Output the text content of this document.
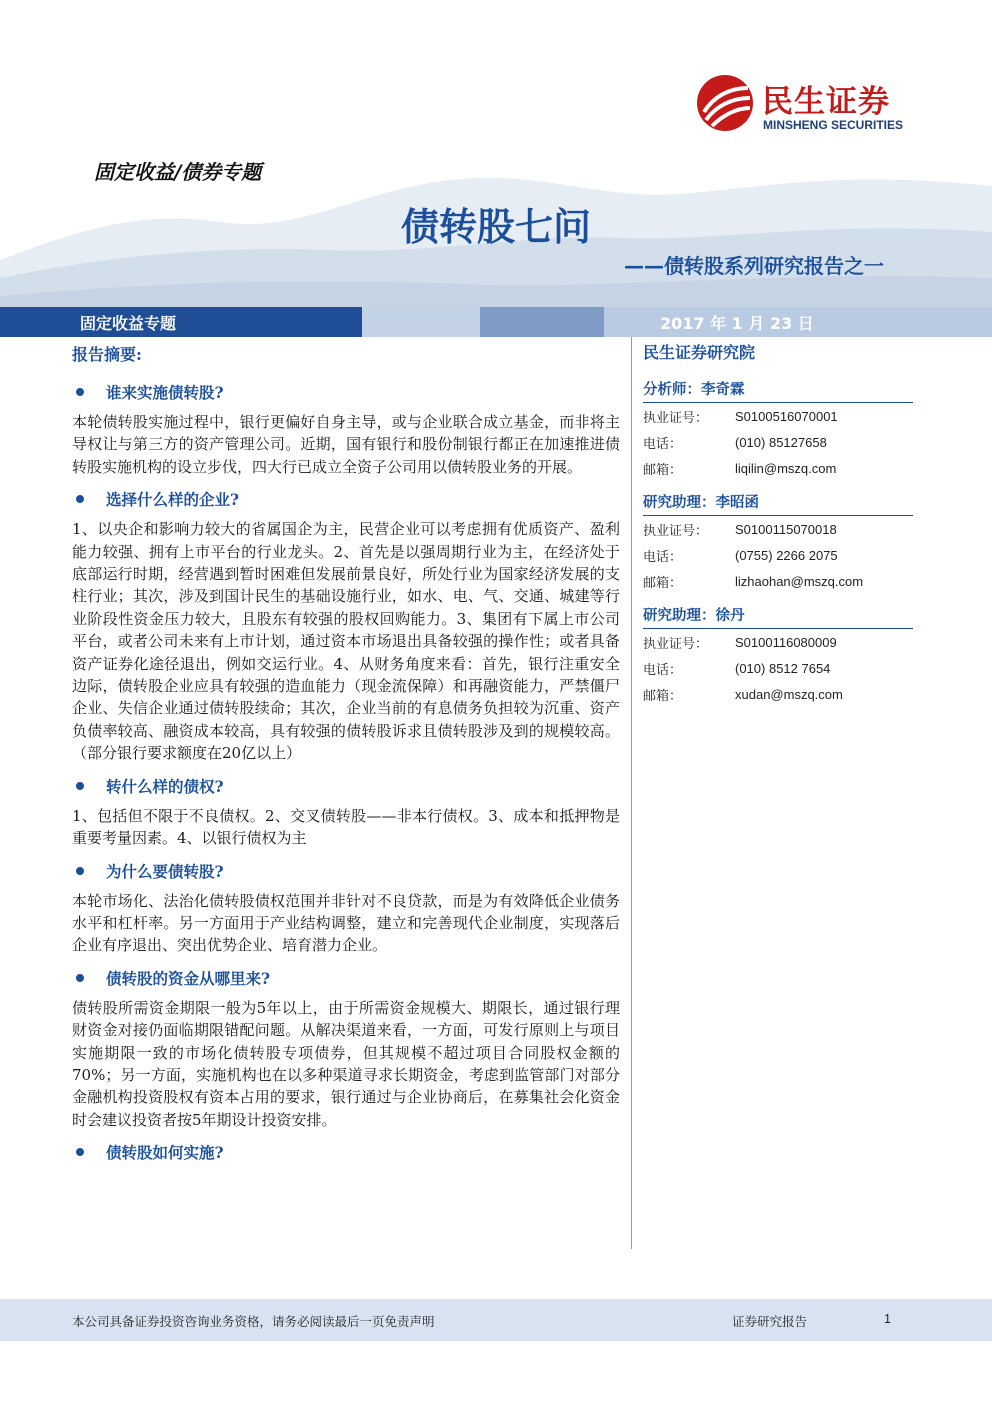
民生证券
MINSHENG SECURITIES
固定收益/债券专题
债转股七问
——债转股系列研究报告之一
固定收益专题	2017 年 1 月 23 日
报告摘要:
谁来实施债转股?
本轮债转股实施过程中，银行更偏好自身主导，或与企业联合成立基金，而非将主导权让与第三方的资产管理公司。近期，国有银行和股份制银行都正在加速推进债转股实施机构的设立步伐，四大行已成立全资子公司用以债转股业务的开展。
选择什么样的企业?
1、以央企和影响力较大的省属国企为主，民营企业可以考虑拥有优质资产、盈利能力较强、拥有上市平台的行业龙头。2、首先是以强周期行业为主，在经济处于底部运行时期，经营遇到暂时困难但发展前景良好，所处行业为国家经济发展的支柱行业；其次，涉及到国计民生的基础设施行业，如水、电、气、交通、城建等行业阶段性资金压力较大，且股东有较强的股权回购能力。3、集团有下属上市公司平台，或者公司未来有上市计划，通过资本市场退出具备较强的操作性；或者具备资产证券化途径退出，例如交运行业。4、从财务角度来看：首先，银行注重安全边际，债转股企业应具有较强的造血能力（现金流保障）和再融资能力，严禁僵尸企业、失信企业通过债转股续命；其次，企业当前的有息债务负担较为沉重、资产负债率较高、融资成本较高，具有较强的债转股诉求且债转股涉及到的规模较高。（部分银行要求额度在20亿以上）
转什么样的债权?
1、包括但不限于不良债权。2、交叉债转股——非本行债权。3、成本和抵押物是重要考量因素。4、以银行债权为主
为什么要债转股?
本轮市场化、法治化债转股债权范围并非针对不良贷款，而是为有效降低企业债务水平和杠杆率。另一方面用于产业结构调整，建立和完善现代企业制度，实现落后企业有序退出、突出优势企业、培育潜力企业。
债转股的资金从哪里来?
债转股所需资金期限一般为5年以上，由于所需资金规模大、期限长，通过银行理财资金对接仍面临期限错配问题。从解决渠道来看，一方面，可发行原则上与项目实施期限一致的市场化债转股专项债券，但其规模不超过项目合同股权金额的70%；另一方面，实施机构也在以多种渠道寻求长期资金，考虑到监管部门对部分金融机构投资股权有资本占用的要求，银行通过与企业协商后，在募集社会化资金时会建议投资者按5年期设计投资安排。
债转股如何实施?
民生证券研究院
分析师：李奇霖
执业证号：	S0100516070001
电话：	(010) 85127658
邮箱：	liqilin@mszq.com
研究助理：李昭函
执业证号：	S0100115070018
电话：	(0755) 2266 2075
邮箱：	lizhaohan@mszq.com
研究助理：徐丹
执业证号：	S0100116080009
电话：	(010) 8512 7654
邮箱：	xudan@mszq.com
本公司具备证券投资咨询业务资格，请务必阅读最后一页免责声明	证券研究报告	1
